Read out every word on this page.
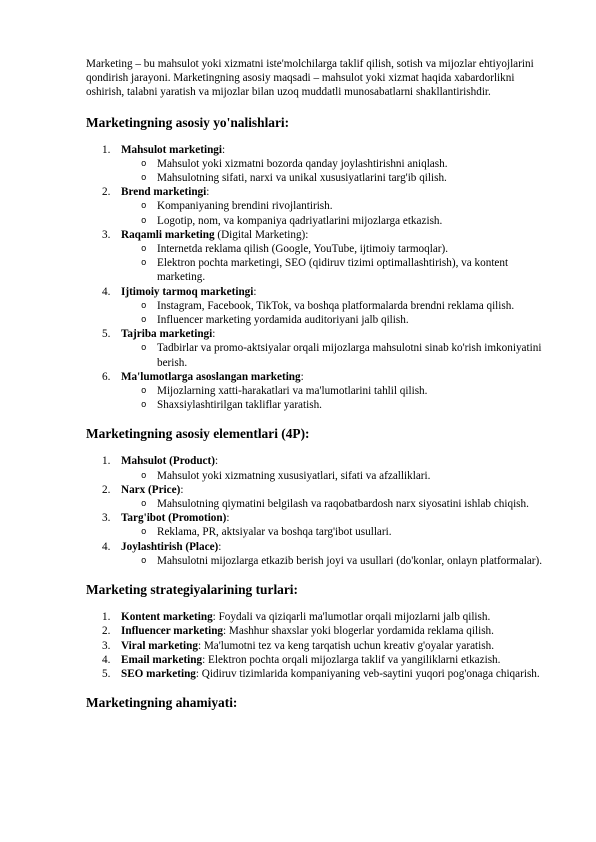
Marketing – bu mahsulot yoki xizmatni iste'molchilarga taklif qilish, sotish va mijozlar ehtiyojlarini qondirish jarayoni. Marketingning asosiy maqsadi – mahsulot yoki xizmat haqida xabardorlikni oshirish, talabni yaratish va mijozlar bilan uzoq muddatli munosabatlarni shakllantirishdir.

Marketingning asosiy yo'nalishlari:
1. Mahsulot marketingi:
o Mahsulot yoki xizmatni bozorda qanday joylashtirishni aniqlash.
o Mahsulotning sifati, narxi va unikal xususiyatlarini targ'ib qilish.
2. Brend marketingi:
o Kompaniyaning brendini rivojlantirish.
o Logotip, nom, va kompaniya qadriyatlarini mijozlarga etkazish.
3. Raqamli marketing (Digital Marketing):
o Internetda reklama qilish (Google, YouTube, ijtimoiy tarmoqlar).
o Elektron pochta marketingi, SEO (qidiruv tizimi optimallashtirish), va kontent marketing.
4. Ijtimoiy tarmoq marketingi:
o Instagram, Facebook, TikTok, va boshqa platformalarda brendni reklama qilish.
o Influencer marketing yordamida auditoriyani jalb qilish.
5. Tajriba marketingi:
o Tadbirlar va promo-aktsiyalar orqali mijozlarga mahsulotni sinab ko'rish imkoniyatini berish.
6. Ma'lumotlarga asoslangan marketing:
o Mijozlarning xatti-harakatlari va ma'lumotlarini tahlil qilish.
o Shaxsiylashtirilgan takliflar yaratish.
Marketingning asosiy elementlari (4P):
1. Mahsulot (Product):
o Mahsulot yoki xizmatning xususiyatlari, sifati va afzalliklari.
2. Narx (Price):
o Mahsulotning qiymatini belgilash va raqobatbardosh narx siyosatini ishlab chiqish.
3. Targ'ibot (Promotion):
o Reklama, PR, aktsiyalar va boshqa targ'ibot usullari.
4. Joylashtirish (Place):
o Mahsulotni mijozlarga etkazib berish joyi va usullari (do'konlar, onlayn platformalar).
Marketing strategiyalarining turlari:
1. Kontent marketing: Foydali va qiziqarli ma'lumotlar orqali mijozlarni jalb qilish.
2. Influencer marketing: Mashhur shaxslar yoki blogerlar yordamida reklama qilish.
3. Viral marketing: Ma'lumotni tez va keng tarqatish uchun kreativ g'oyalar yaratish.
4. Email marketing: Elektron pochta orqali mijozlarga taklif va yangiliklarni etkazish.
5. SEO marketing: Qidiruv tizimlarida kompaniyaning veb-saytini yuqori pog'onaga chiqarish.
Marketingning ahamiyati:
